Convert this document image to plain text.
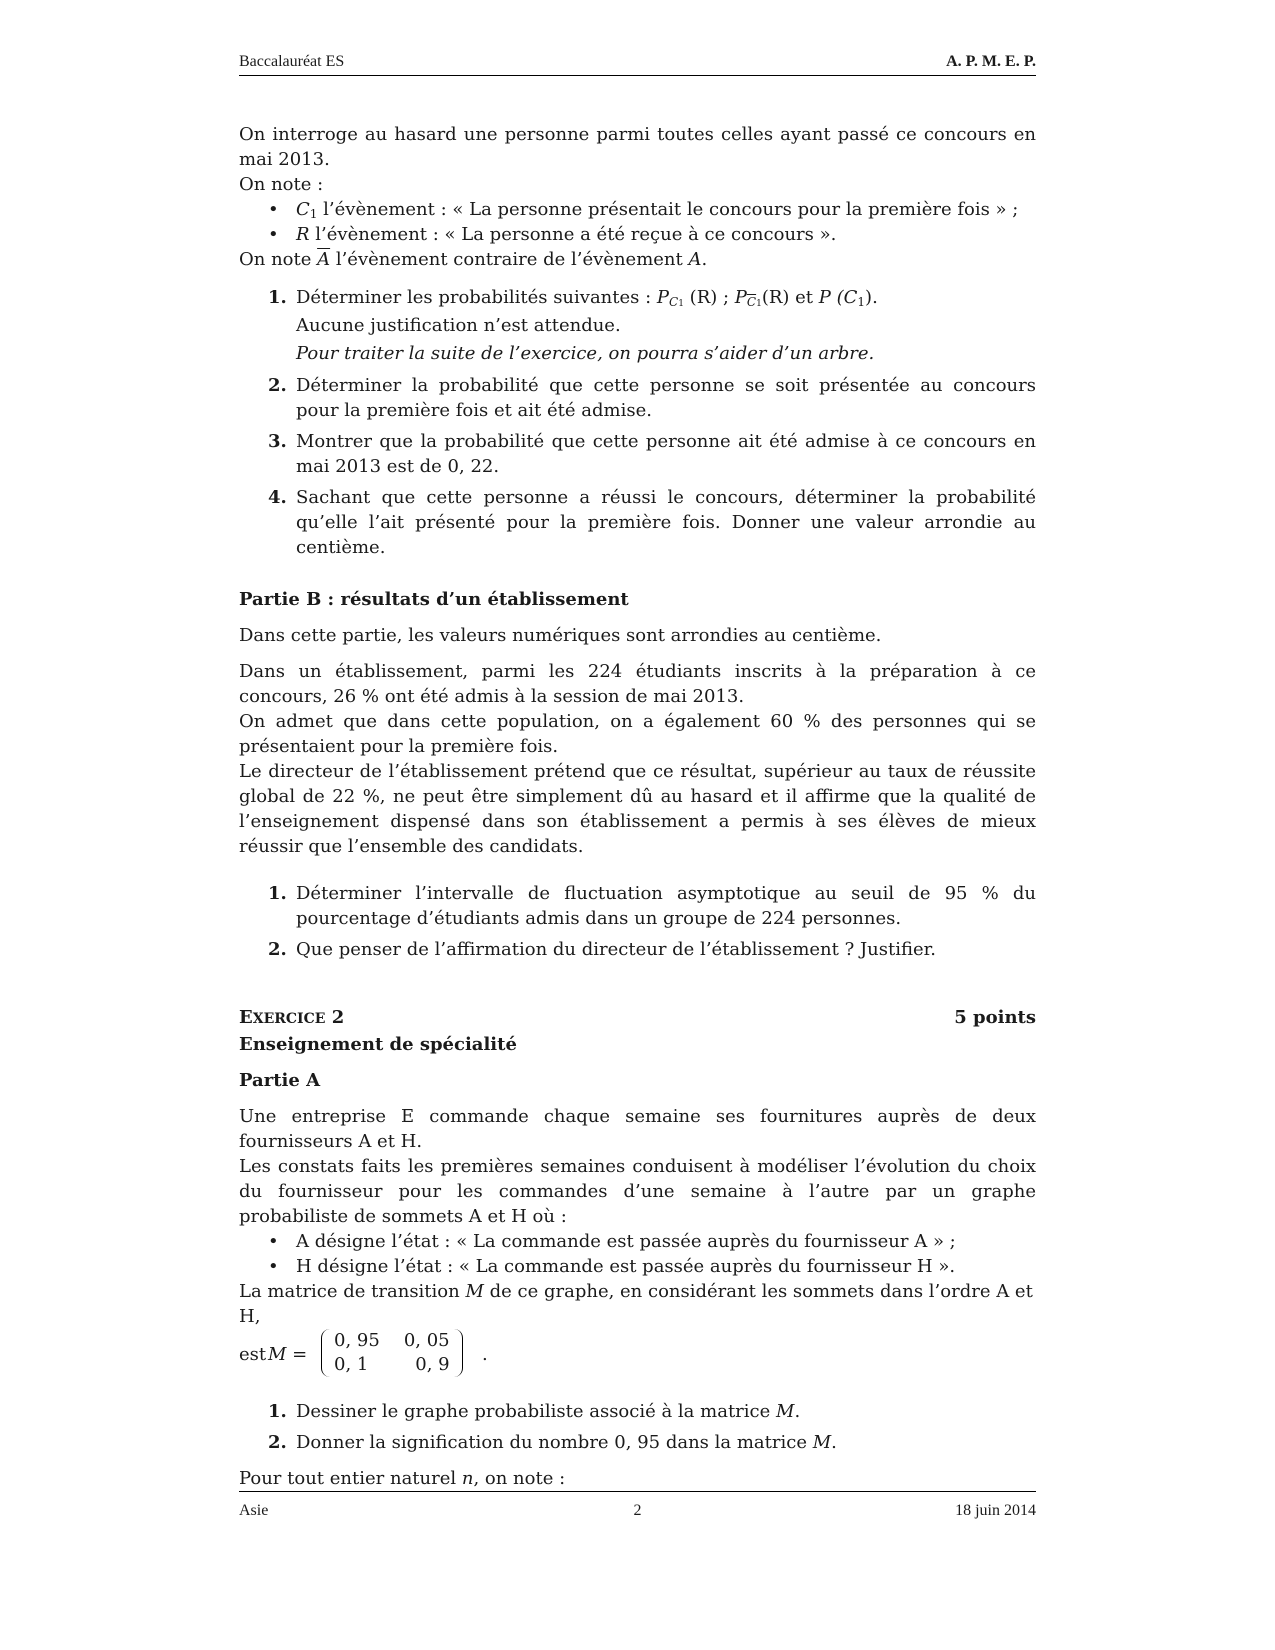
Baccalauréat ES	A. P. M. E. P.
On interroge au hasard une personne parmi toutes celles ayant passé ce concours en mai 2013.
On note :
• $C_1$ l’évènement : « La personne présentait le concours pour la première fois » ;
• R l’évènement : « La personne a été reçue à ce concours ».
On note $\overline{A}$ l’évènement contraire de l’évènement A.
1. Déterminer les probabilités suivantes : $P_{C1}$ (R) ; $P_{\overline{C}1}(R)$ et P $(C_1)$.
Aucune justification n’est attendue.
Pour traiter la suite de l’exercice, on pourra s’aider d’un arbre.
2. Déterminer la probabilité que cette personne se soit présentée au concours pour la première fois et ait été admise.
3. Montrer que la probabilité que cette personne ait été admise à ce concours en mai 2013 est de 0, 22.
4. Sachant que cette personne a réussi le concours, déterminer la probabilité qu’elle l’ait présenté pour la première fois. Donner une valeur arrondie au centième.
Partie B : résultats d’un établissement
Dans cette partie, les valeurs numériques sont arrondies au centième.
Dans un établissement, parmi les 224 étudiants inscrits à la préparation à ce concours, 26 % ont été admis à la session de mai 2013.
On admet que dans cette population, on a également 60 % des personnes qui se présentaient pour la première fois.
Le directeur de l’établissement prétend que ce résultat, supérieur au taux de réussite global de 22 %, ne peut être simplement dû au hasard et il affirme que la qualité de l’enseignement dispensé dans son établissement a permis à ses élèves de mieux réussir que l’ensemble des candidats.
1. Déterminer l’intervalle de fluctuation asymptotique au seuil de 95 % du pourcentage d’étudiants admis dans un groupe de 224 personnes.
2. Que penser de l’affirmation du directeur de l’établissement ? Justifier.
EXERCICE 2	5 points
Enseignement de spécialité
Partie A
Une entreprise E commande chaque semaine ses fournitures auprès de deux fournisseurs A et H.
Les constats faits les premières semaines conduisent à modéliser l’évolution du choix du fournisseur pour les commandes d’une semaine à l’autre par un graphe probabiliste de sommets A et H où :
• A désigne l’état : « La commande est passée auprès du fournisseur A » ;
• H désigne l’état : « La commande est passée auprès du fournisseur H ».
La matrice de transition M de ce graphe, en considérant les sommets dans l’ordre A et H,
est M =
0, 95	0, 05
0, 1	0, 9 .
1. Dessiner le graphe probabiliste associé à la matrice M.
2. Donner la signification du nombre 0, 95 dans la matrice M.
Pour tout entier naturel n, on note :
Asie	2	18 juin 2014
